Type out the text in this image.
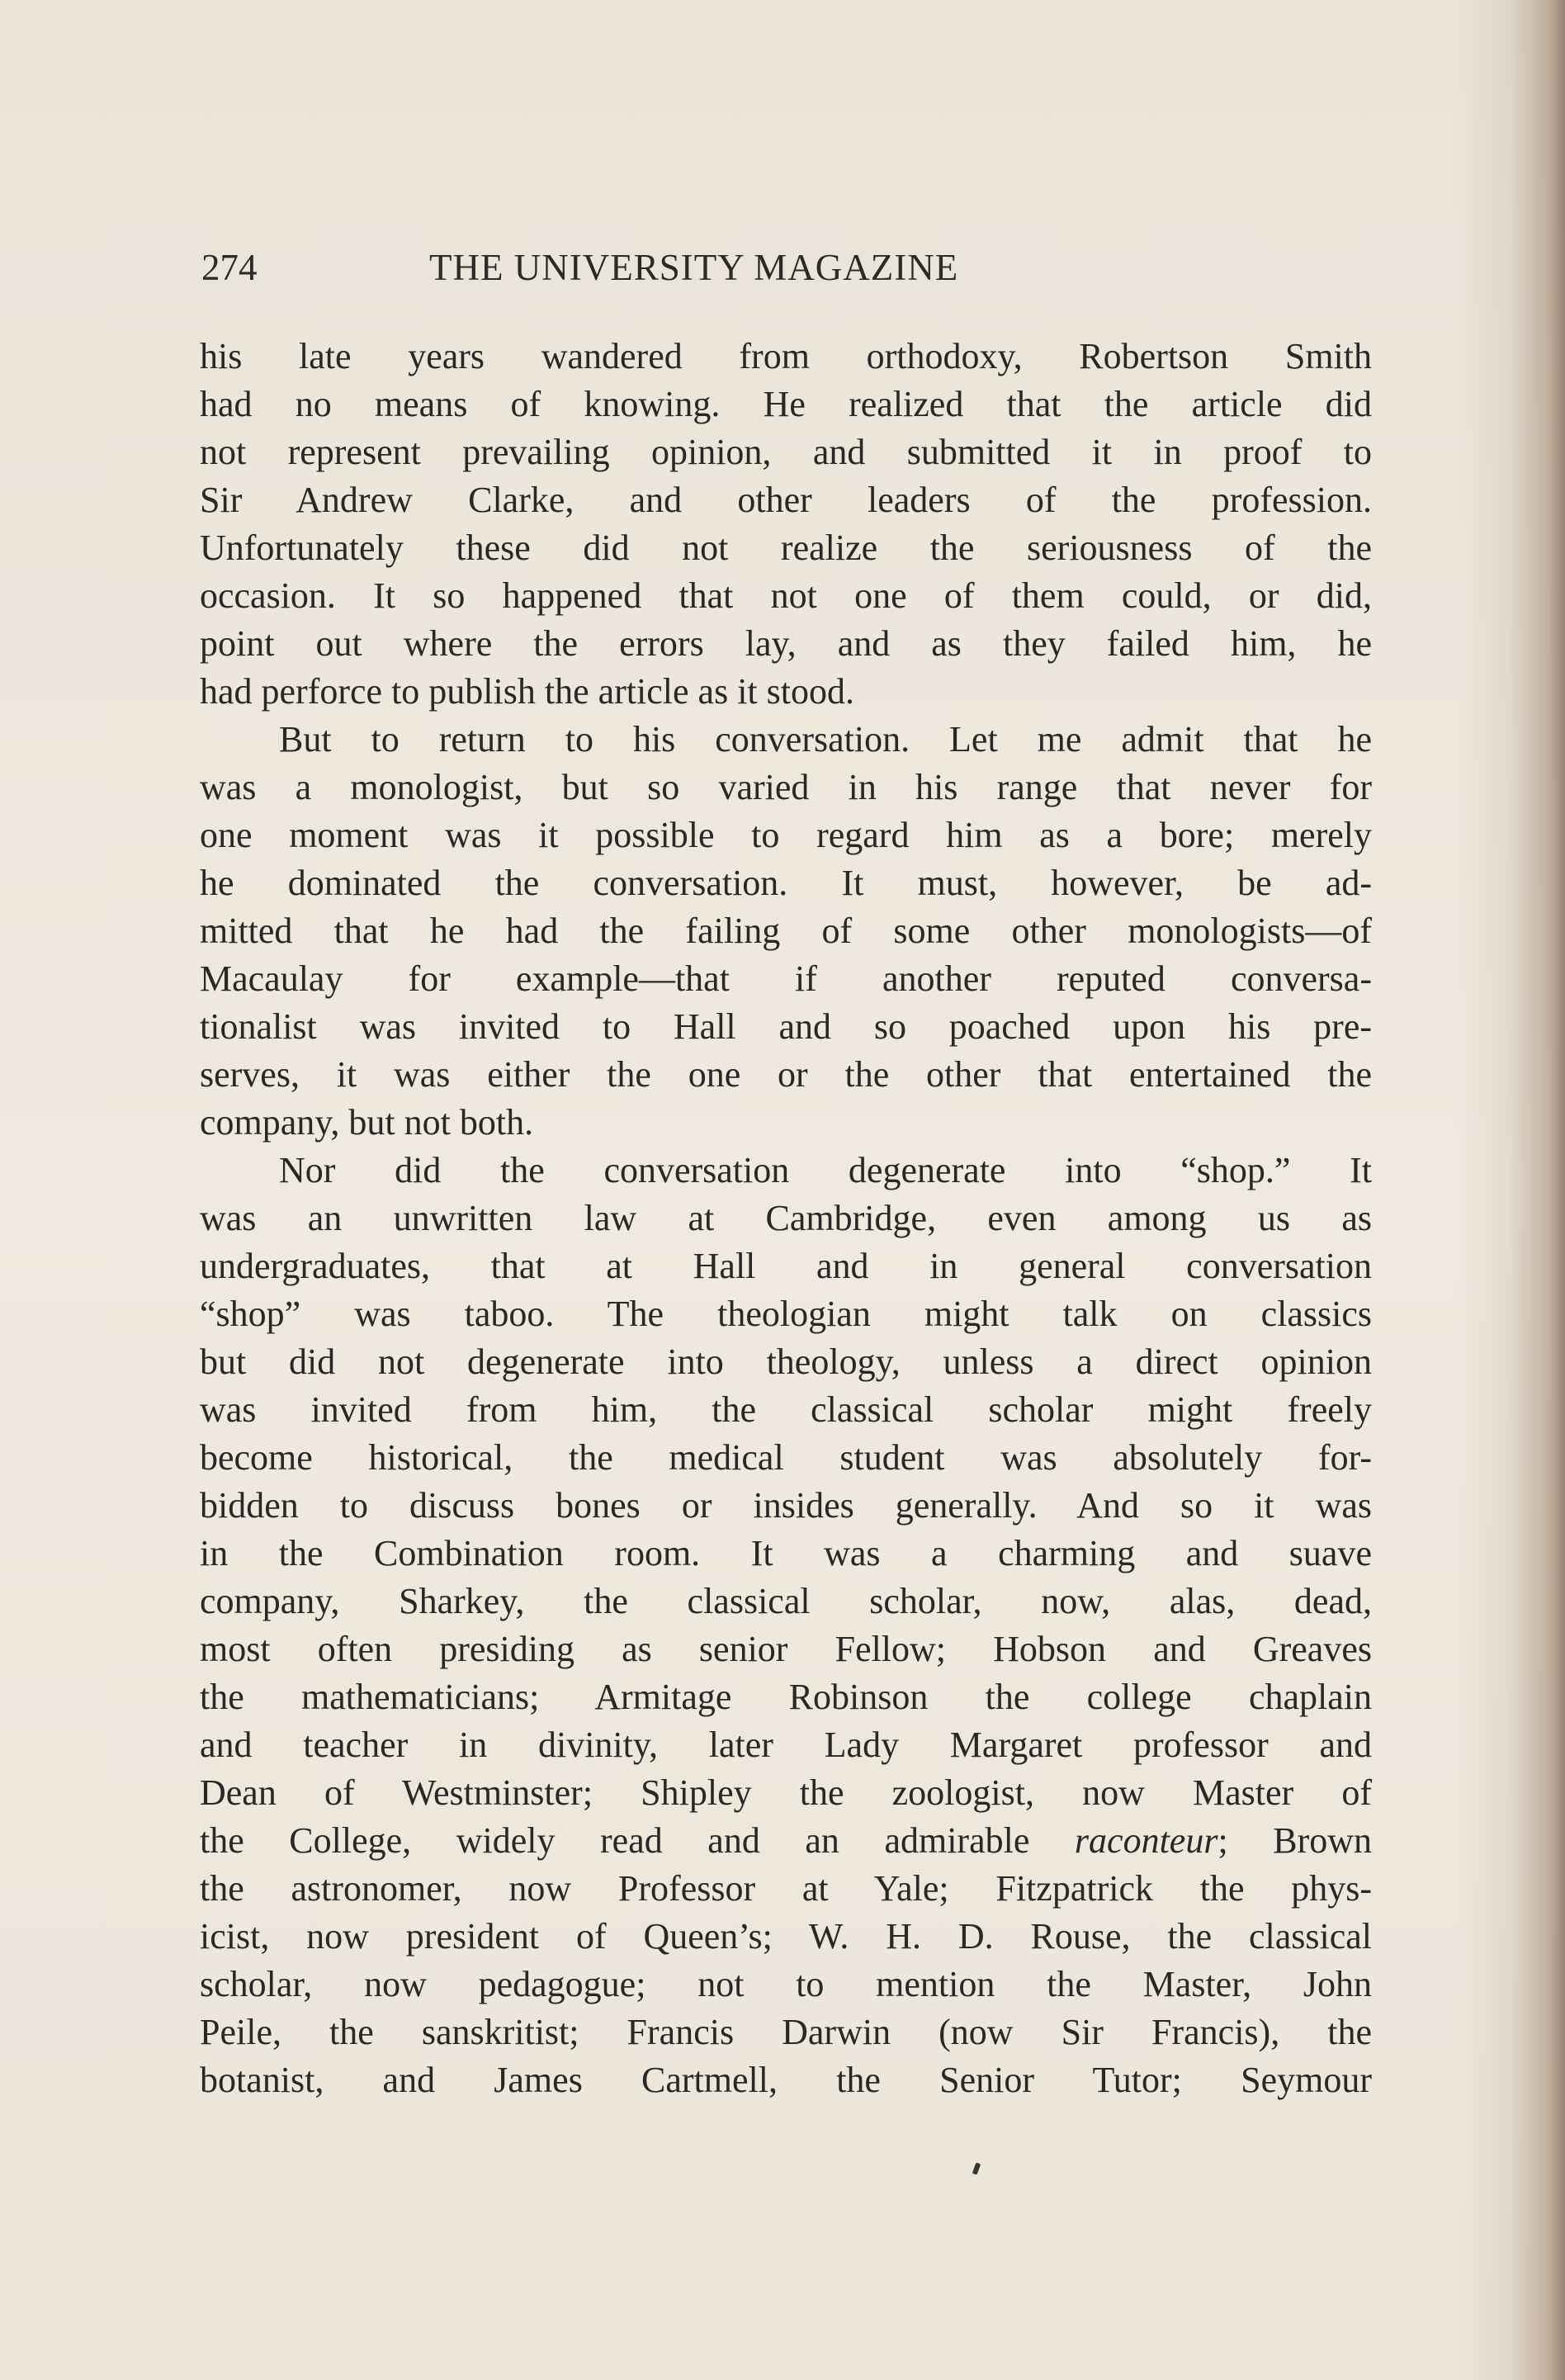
274	THE UNIVERSITY MAGAZINE
his late years wandered from orthodoxy, Robertson Smith
had no means of knowing. He realized that the article did
not represent prevailing opinion, and submitted it in proof to
Sir Andrew Clarke, and other leaders of the profession.
Unfortunately these did not realize the seriousness of the
occasion. It so happened that not one of them could, or did,
point out where the errors lay, and as they failed him, he
had perforce to publish the article as it stood.
But to return to his conversation. Let me admit that he
was a monologist, but so varied in his range that never for
one moment was it possible to regard him as a bore; merely
he dominated the conversation. It must, however, be ad-
mitted that he had the failing of some other monologists—of
Macaulay for example—that if another reputed conversa-
tionalist was invited to Hall and so poached upon his pre-
serves, it was either the one or the other that entertained the
company, but not both.
Nor did the conversation degenerate into “shop.” It
was an unwritten law at Cambridge, even among us as
undergraduates, that at Hall and in general conversation
“shop” was taboo. The theologian might talk on classics
but did not degenerate into theology, unless a direct opinion
was invited from him, the classical scholar might freely
become historical, the medical student was absolutely for-
bidden to discuss bones or insides generally. And so it was
in the Combination room. It was a charming and suave
company, Sharkey, the classical scholar, now, alas, dead,
most often presiding as senior Fellow; Hobson and Greaves
the mathematicians; Armitage Robinson the college chaplain
and teacher in divinity, later Lady Margaret professor and
Dean of Westminster; Shipley the zoologist, now Master of
the College, widely read and an admirable raconteur; Brown
the astronomer, now Professor at Yale; Fitzpatrick the phys-
icist, now president of Queen’s; W. H. D. Rouse, the classical
scholar, now pedagogue; not to mention the Master, John
Peile, the sanskritist; Francis Darwin (now Sir Francis), the
botanist, and James Cartmell, the Senior Tutor; Seymour
